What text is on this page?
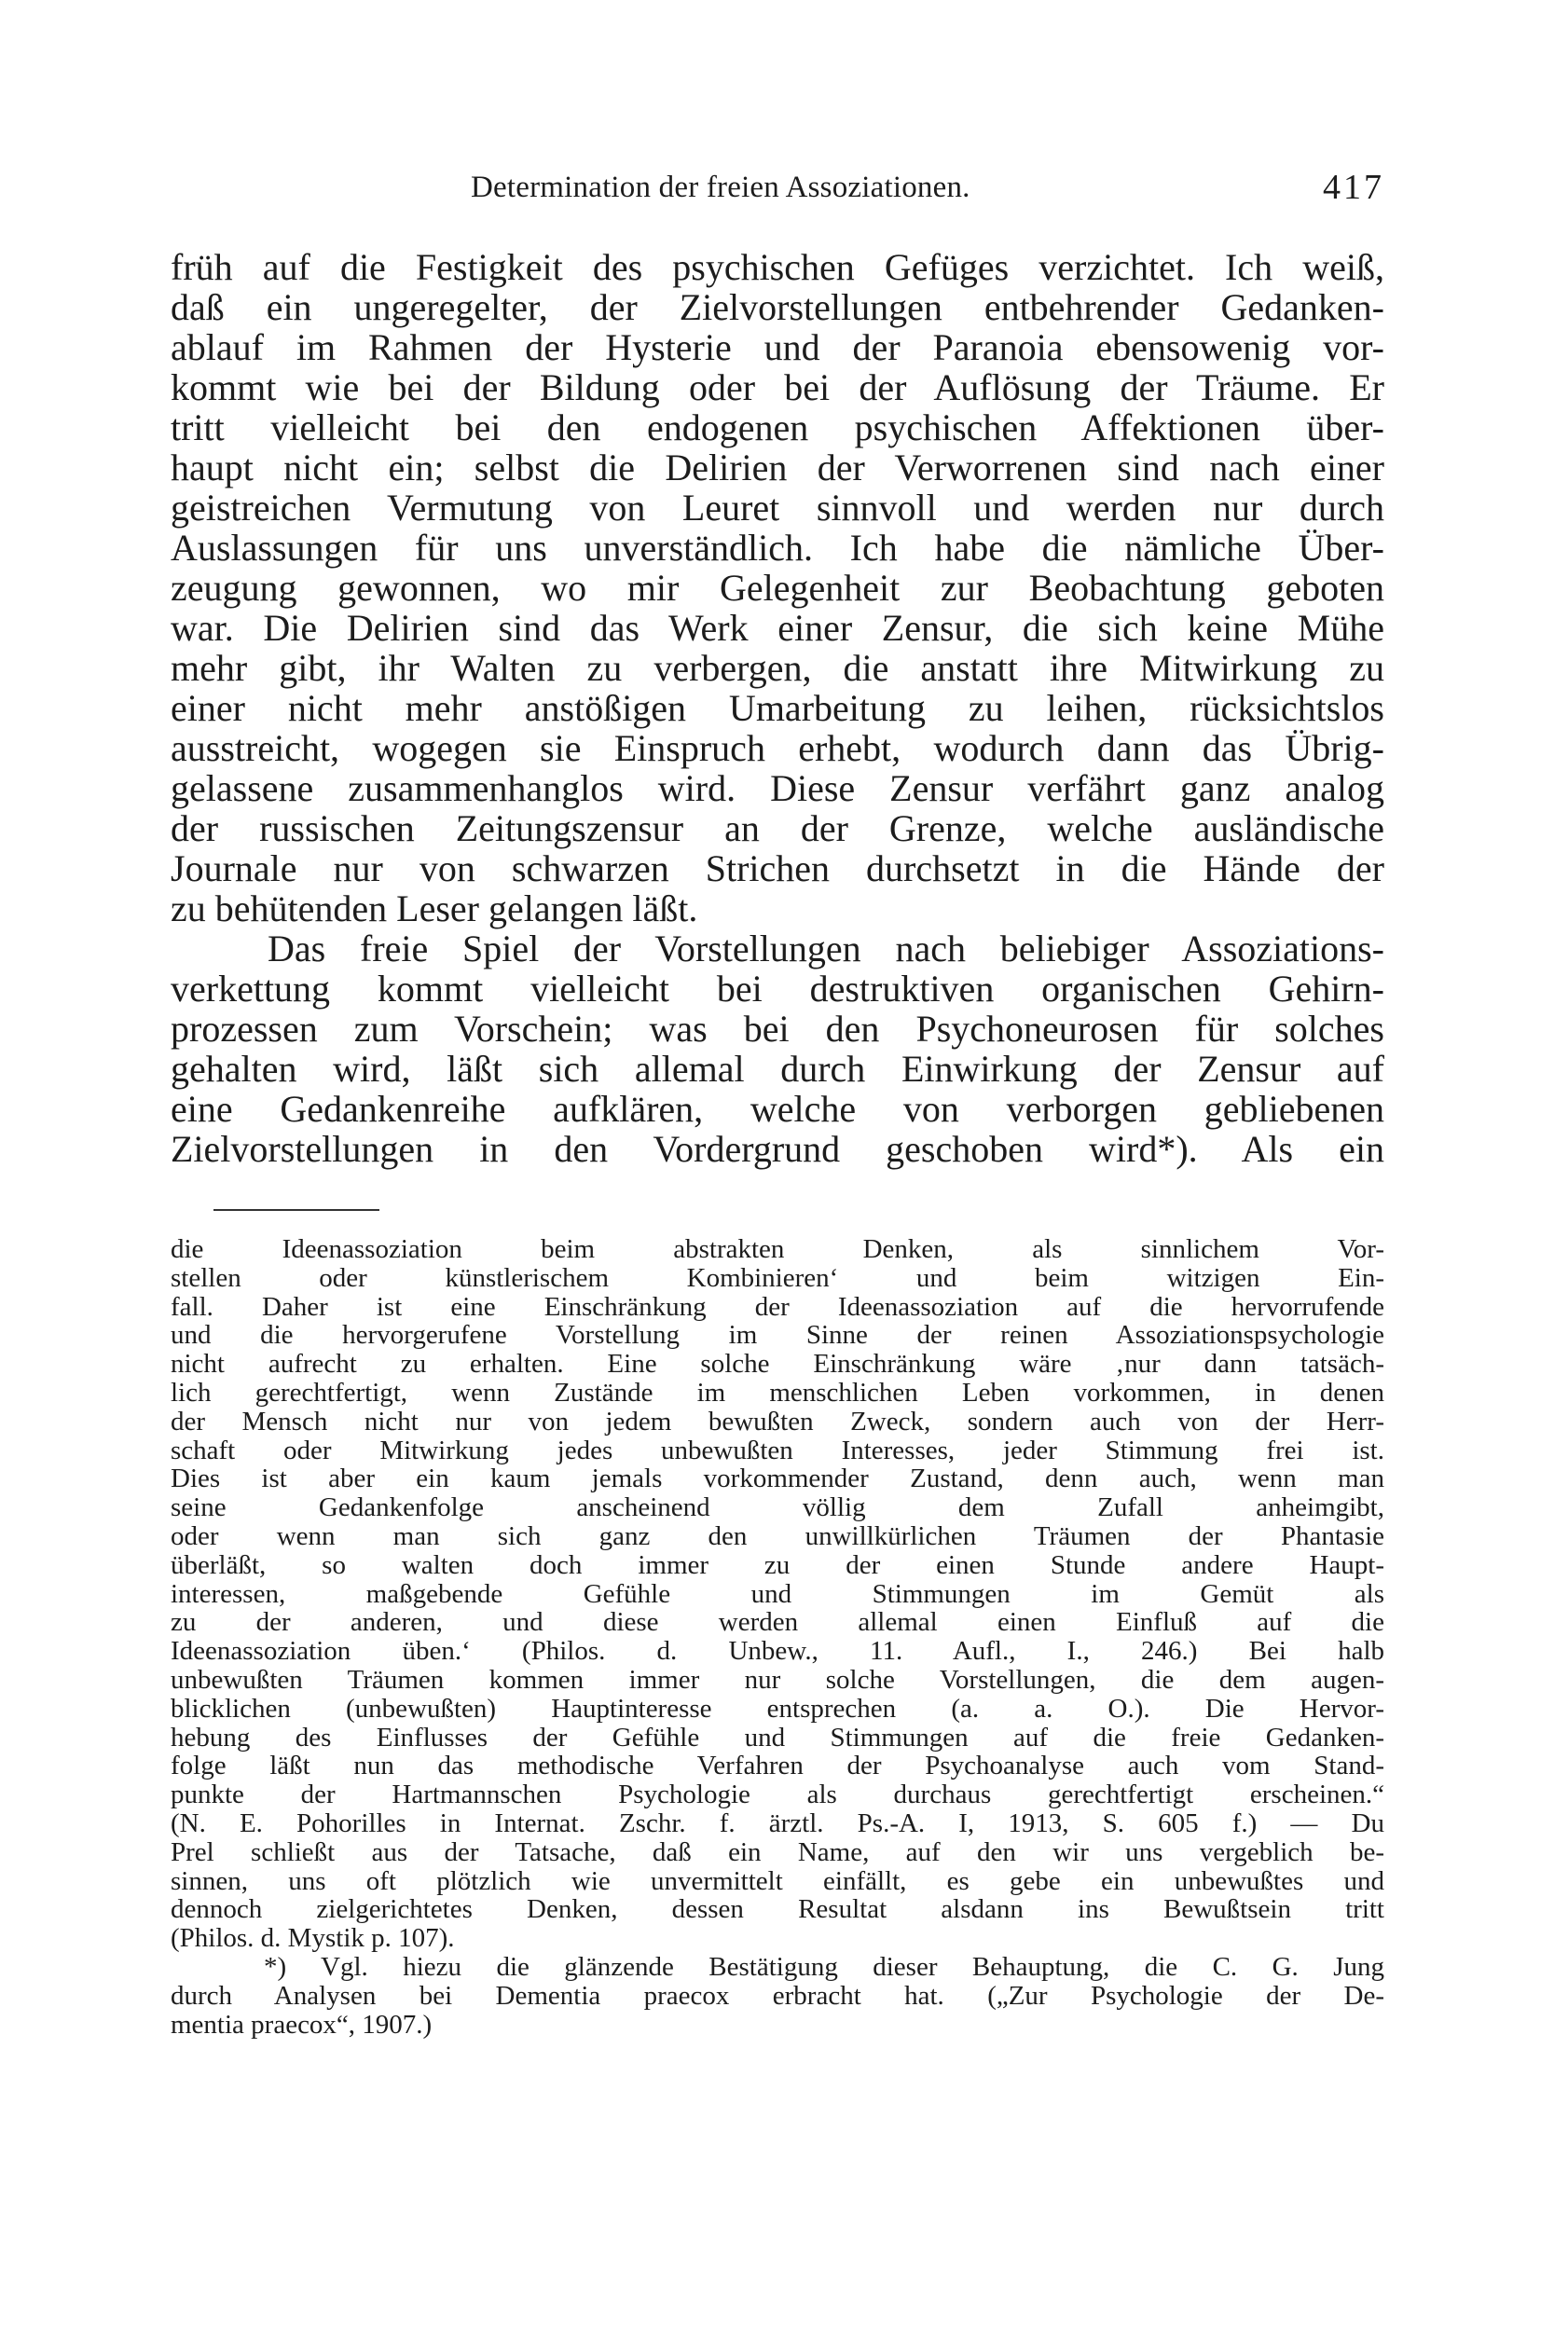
Determination der freien Assoziationen.	417
früh auf die Festigkeit des psychischen Gefüges verzichtet. Ich weiß,
daß ein ungeregelter, der Zielvorstellungen entbehrender Gedanken-
ablauf im Rahmen der Hysterie und der Paranoia ebensowenig vor-
kommt wie bei der Bildung oder bei der Auflösung der Träume. Er
tritt vielleicht bei den endogenen psychischen Affektionen über-
haupt nicht ein; selbst die Delirien der Verworrenen sind nach einer
geistreichen Vermutung von Leuret sinnvoll und werden nur durch
Auslassungen für uns unverständlich. Ich habe die nämliche Über-
zeugung gewonnen, wo mir Gelegenheit zur Beobachtung geboten
war. Die Delirien sind das Werk einer Zensur, die sich keine Mühe
mehr gibt, ihr Walten zu verbergen, die anstatt ihre Mitwirkung zu
einer nicht mehr anstößigen Umarbeitung zu leihen, rücksichtslos
ausstreicht, wogegen sie Einspruch erhebt, wodurch dann das Übrig-
gelassene zusammenhanglos wird. Diese Zensur verfährt ganz analog
der russischen Zeitungszensur an der Grenze, welche ausländische
Journale nur von schwarzen Strichen durchsetzt in die Hände der
zu behütenden Leser gelangen läßt.
Das freie Spiel der Vorstellungen nach beliebiger Assoziations-
verkettung kommt vielleicht bei destruktiven organischen Gehirn-
prozessen zum Vorschein; was bei den Psychoneurosen für solches
gehalten wird, läßt sich allemal durch Einwirkung der Zensur auf
eine Gedankenreihe aufklären, welche von verborgen gebliebenen
Zielvorstellungen in den Vordergrund geschoben wird*). Als ein
die Ideenassoziation beim abstrakten Denken, als sinnlichem Vor-
stellen oder künstlerischem Kombinieren‘ und beim witzigen Ein-
fall. Daher ist eine Einschränkung der Ideenassoziation auf die hervorrufende
und die hervorgerufene Vorstellung im Sinne der reinen Assoziationspsychologie
nicht aufrecht zu erhalten. Eine solche Einschränkung wäre ‚nur dann tatsäch-
lich gerechtfertigt, wenn Zustände im menschlichen Leben vorkommen, in denen
der Mensch nicht nur von jedem bewußten Zweck, sondern auch von der Herr-
schaft oder Mitwirkung jedes unbewußten Interesses, jeder Stimmung frei ist.
Dies ist aber ein kaum jemals vorkommender Zustand, denn auch, wenn man
seine Gedankenfolge anscheinend völlig dem Zufall anheimgibt,
oder wenn man sich ganz den unwillkürlichen Träumen der Phantasie
überläßt, so walten doch immer zu der einen Stunde andere Haupt-
interessen, maßgebende Gefühle und Stimmungen im Gemüt als
zu der anderen, und diese werden allemal einen Einfluß auf die
Ideenassoziation üben.‘ (Philos. d. Unbew., 11. Aufl., I., 246.) Bei halb
unbewußten Träumen kommen immer nur solche Vorstellungen, die dem augen-
blicklichen (unbewußten) Hauptinteresse entsprechen (a. a. O.). Die Hervor-
hebung des Einflusses der Gefühle und Stimmungen auf die freie Gedanken-
folge läßt nun das methodische Verfahren der Psychoanalyse auch vom Stand-
punkte der Hartmannschen Psychologie als durchaus gerechtfertigt erscheinen.“
(N. E. Pohorilles in Internat. Zschr. f. ärztl. Ps.-A. I, 1913, S. 605 f.) — Du
Prel schließt aus der Tatsache, daß ein Name, auf den wir uns vergeblich be-
sinnen, uns oft plötzlich wie unvermittelt einfällt, es gebe ein unbewußtes und
dennoch zielgerichtetes Denken, dessen Resultat alsdann ins Bewußtsein tritt
(Philos. d. Mystik p. 107).
*) Vgl. hiezu die glänzende Bestätigung dieser Behauptung, die C. G. Jung
durch Analysen bei Dementia praecox erbracht hat. („Zur Psychologie der De-
mentia praecox“, 1907.)
